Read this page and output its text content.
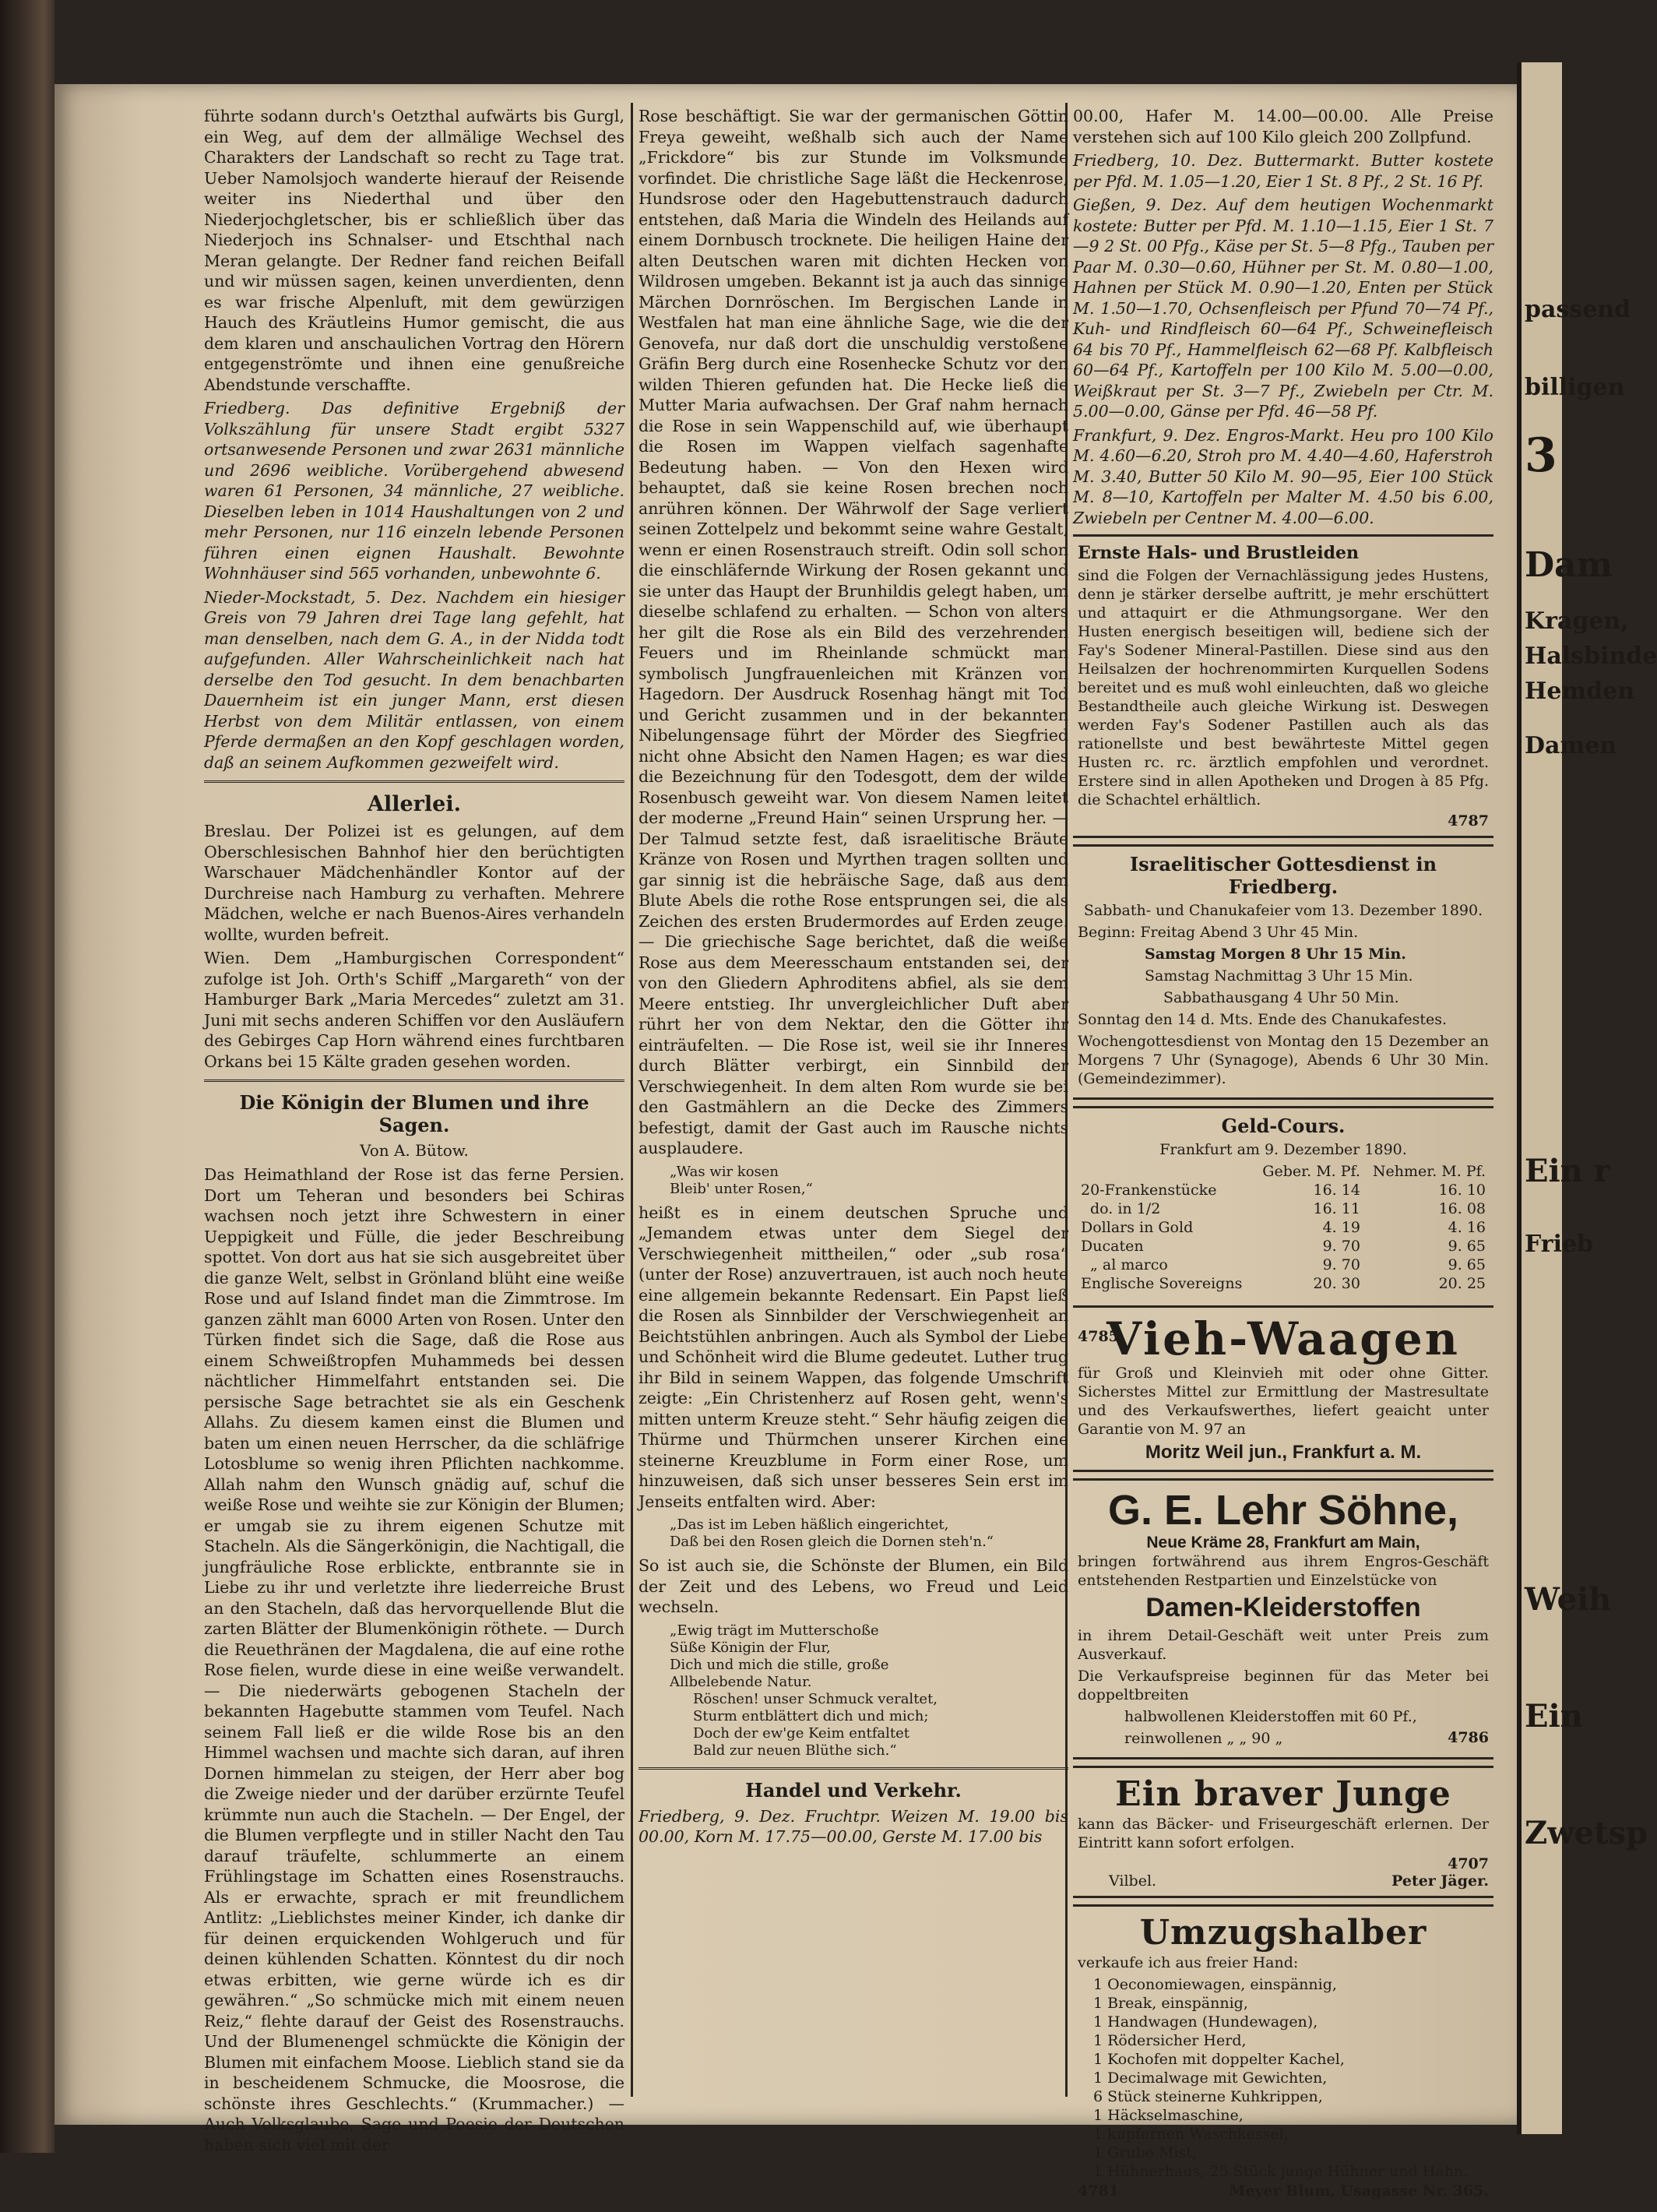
passend
billigen
3
Dam
Kragen,
Halsbinde
Hemden
Damen
Ein r
Frieb
Weih
Ein
Zwetsp

führte sodann durch's Oetzthal aufwärts bis Gurgl, ein Weg, auf dem der allmälige Wechsel des Charakters der Landschaft so recht zu Tage trat. Ueber Namolsjoch wanderte hierauf der Reisende weiter ins Niederthal und über den Niederjochgletscher, bis er schließlich über das Niederjoch ins Schnalser- und Etschthal nach Meran gelangte. Der Redner fand reichen Beifall und wir müssen sagen, keinen unverdienten, denn es war frische Alpenluft, mit dem gewürzigen Hauch des Kräutleins Humor gemischt, die aus dem klaren und anschaulichen Vortrag den Hörern entgegenströmte und ihnen eine genußreiche Abendstunde verschaffte.

Friedberg. Das definitive Ergebniß der Volkszählung für unsere Stadt ergibt 5327 ortsanwesende Personen und zwar 2631 männliche und 2696 weibliche. Vorübergehend abwesend waren 61 Personen, 34 männliche, 27 weibliche. Dieselben leben in 1014 Haushaltungen von 2 und mehr Personen, nur 116 einzeln lebende Personen führen einen eignen Haushalt. Bewohnte Wohnhäuser sind 565 vorhanden, unbewohnte 6.

Nieder-Mockstadt, 5. Dez. Nachdem ein hiesiger Greis von 79 Jahren drei Tage lang gefehlt, hat man denselben, nach dem G. A., in der Nidda todt aufgefunden. Aller Wahrscheinlichkeit nach hat derselbe den Tod gesucht. In dem benachbarten Dauernheim ist ein junger Mann, erst diesen Herbst von dem Militär entlassen, von einem Pferde dermaßen an den Kopf geschlagen worden, daß an seinem Aufkommen gezweifelt wird.

Allerlei.

Breslau. Der Polizei ist es gelungen, auf dem Oberschlesischen Bahnhof hier den berüchtigten Warschauer Mädchenhändler Kontor auf der Durchreise nach Hamburg zu verhaften. Mehrere Mädchen, welche er nach Buenos-Aires verhandeln wollte, wurden befreit.

Wien. Dem „Hamburgischen Correspondent“ zufolge ist Joh. Orth's Schiff „Margareth“ von der Hamburger Bark „Maria Mercedes“ zuletzt am 31. Juni mit sechs anderen Schiffen vor den Ausläufern des Gebirges Cap Horn während eines furchtbaren Orkans bei 15 Kälte graden gesehen worden.

Die Königin der Blumen und ihre Sagen.
Von A. Bütow.

Das Heimathland der Rose ist das ferne Persien. Dort um Teheran und besonders bei Schiras wachsen noch jetzt ihre Schwestern in einer Ueppigkeit und Fülle, die jeder Beschreibung spottet. Von dort aus hat sie sich ausgebreitet über die ganze Welt, selbst in Grönland blüht eine weiße Rose und auf Island findet man die Zimmtrose. Im ganzen zählt man 6000 Arten von Rosen. Unter den Türken findet sich die Sage, daß die Rose aus einem Schweißtropfen Muhammeds bei dessen nächtlicher Himmelfahrt entstanden sei. Die persische Sage betrachtet sie als ein Geschenk Allahs. Zu diesem kamen einst die Blumen und baten um einen neuen Herrscher, da die schläfrige Lotosblume so wenig ihren Pflichten nachkomme. Allah nahm den Wunsch gnädig auf, schuf die weiße Rose und weihte sie zur Königin der Blumen; er umgab sie zu ihrem eigenen Schutze mit Stacheln. Als die Sängerkönigin, die Nachtigall, die jungfräuliche Rose erblickte, entbrannte sie in Liebe zu ihr und verletzte ihre liederreiche Brust an den Stacheln, daß das hervorquellende Blut die zarten Blätter der Blumenkönigin röthete. — Durch die Reuethränen der Magdalena, die auf eine rothe Rose fielen, wurde diese in eine weiße verwandelt. — Die niederwärts gebogenen Stacheln der bekannten Hagebutte stammen vom Teufel. Nach seinem Fall ließ er die wilde Rose bis an den Himmel wachsen und machte sich daran, auf ihren Dornen himmelan zu steigen, der Herr aber bog die Zweige nieder und der darüber erzürnte Teufel krümmte nun auch die Stacheln. — Der Engel, der die Blumen verpflegte und in stiller Nacht den Tau darauf träufelte, schlummerte an einem Frühlingstage im Schatten eines Rosenstrauchs. Als er erwachte, sprach er mit freundlichem Antlitz: „Lieblichstes meiner Kinder, ich danke dir für deinen erquickenden Wohlgeruch und für deinen kühlenden Schatten. Könntest du dir noch etwas erbitten, wie gerne würde ich es dir gewähren.“ „So schmücke mich mit einem neuen Reiz,“ flehte darauf der Geist des Rosenstrauchs. Und der Blumenengel schmückte die Königin der Blumen mit einfachem Moose. Lieblich stand sie da in bescheidenem Schmucke, die Moosrose, die schönste ihres Geschlechts.“ (Krummacher.) — Auch Volksglaube, Sage und Poesie der Deutschen haben sich viel mit der

Rose beschäftigt. Sie war der germanischen Göttin Freya geweiht, weßhalb sich auch der Name „Frickdore“ bis zur Stunde im Volksmunde vorfindet. Die christliche Sage läßt die Heckenrose, Hundsrose oder den Hagebuttenstrauch dadurch entstehen, daß Maria die Windeln des Heilands auf einem Dornbusch trocknete. Die heiligen Haine der alten Deutschen waren mit dichten Hecken von Wildrosen umgeben. Bekannt ist ja auch das sinnige Märchen Dornröschen. Im Bergischen Lande in Westfalen hat man eine ähnliche Sage, wie die der Genovefa, nur daß dort die unschuldig verstoßene Gräfin Berg durch eine Rosenhecke Schutz vor den wilden Thieren gefunden hat. Die Hecke ließ die Mutter Maria aufwachsen. Der Graf nahm hernach die Rose in sein Wappenschild auf, wie überhaupt die Rosen im Wappen vielfach sagenhafte Bedeutung haben. — Von den Hexen wird behauptet, daß sie keine Rosen brechen noch anrühren können. Der Währwolf der Sage verliert seinen Zottelpelz und bekommt seine wahre Gestalt, wenn er einen Rosenstrauch streift. Odin soll schon die einschläfernde Wirkung der Rosen gekannt und sie unter das Haupt der Brunhildis gelegt haben, um dieselbe schlafend zu erhalten. — Schon von alters her gilt die Rose als ein Bild des verzehrenden Feuers und im Rheinlande schmückt man symbolisch Jungfrauenleichen mit Kränzen von Hagedorn. Der Ausdruck Rosenhag hängt mit Tod und Gericht zusammen und in der bekannten Nibelungensage führt der Mörder des Siegfried nicht ohne Absicht den Namen Hagen; es war dies die Bezeichnung für den Todesgott, dem der wilde Rosenbusch geweiht war. Von diesem Namen leitet der moderne „Freund Hain“ seinen Ursprung her. — Der Talmud setzte fest, daß israelitische Bräute Kränze von Rosen und Myrthen tragen sollten und gar sinnig ist die hebräische Sage, daß aus dem Blute Abels die rothe Rose entsprungen sei, die als Zeichen des ersten Brudermordes auf Erden zeuge. — Die griechische Sage berichtet, daß die weiße Rose aus dem Meeresschaum entstanden sei, der von den Gliedern Aphroditens abfiel, als sie dem Meere entstieg. Ihr unvergleichlicher Duft aber rührt her von dem Nektar, den die Götter ihr einträufelten. — Die Rose ist, weil sie ihr Inneres durch Blätter verbirgt, ein Sinnbild der Verschwiegenheit. In dem alten Rom wurde sie bei den Gastmählern an die Decke des Zimmers befestigt, damit der Gast auch im Rausche nichts ausplaudere.

„Was wir kosen
Bleib' unter Rosen,“

heißt es in einem deutschen Spruche und „Jemandem etwas unter dem Siegel der Verschwiegenheit mittheilen,“ oder „sub rosa“ (unter der Rose) anzuvertrauen, ist auch noch heute eine allgemein bekannte Redensart. Ein Papst ließ die Rosen als Sinnbilder der Verschwiegenheit an Beichtstühlen anbringen. Auch als Symbol der Liebe und Schönheit wird die Blume gedeutet. Luther trug ihr Bild in seinem Wappen, das folgende Umschrift zeigte: „Ein Christenherz auf Rosen geht, wenn's mitten unterm Kreuze steht.“ Sehr häufig zeigen die Thürme und Thürmchen unserer Kirchen eine steinerne Kreuzblume in Form einer Rose, um hinzuweisen, daß sich unser besseres Sein erst im Jenseits entfalten wird. Aber:

„Das ist im Leben häßlich eingerichtet,
Daß bei den Rosen gleich die Dornen steh'n.“

So ist auch sie, die Schönste der Blumen, ein Bild der Zeit und des Lebens, wo Freud und Leid wechseln.

„Ewig trägt im Mutterschoße
Süße Königin der Flur,
Dich und mich die stille, große
Allbelebende Natur.
Röschen! unser Schmuck veraltet,
Sturm entblättert dich und mich;
Doch der ew'ge Keim entfaltet
Bald zur neuen Blüthe sich.“
Handel und Verkehr.

Friedberg, 9. Dez. Fruchtpr. Weizen M. 19.00 bis 00.00, Korn M. 17.75—00.00, Gerste M. 17.00 bis

00.00, Hafer M. 14.00—00.00. Alle Preise verstehen sich auf 100 Kilo gleich 200 Zollpfund.

Friedberg, 10. Dez. Buttermarkt. Butter kostete per Pfd. M. 1.05—1.20, Eier 1 St. 8 Pf., 2 St. 16 Pf.

Gießen, 9. Dez. Auf dem heutigen Wochenmarkt kostete: Butter per Pfd. M. 1.10—1.15, Eier 1 St. 7—9 2 St. 00 Pfg., Käse per St. 5—8 Pfg., Tauben per Paar M. 0.30—0.60, Hühner per St. M. 0.80—1.00, Hahnen per Stück M. 0.90—1.20, Enten per Stück M. 1.50—1.70, Ochsenfleisch per Pfund 70—74 Pf., Kuh- und Rindfleisch 60—64 Pf., Schweinefleisch 64 bis 70 Pf., Hammelfleisch 62—68 Pf. Kalbfleisch 60—64 Pf., Kartoffeln per 100 Kilo M. 5.00—0.00, Weißkraut per St. 3—7 Pf., Zwiebeln per Ctr. M. 5.00—0.00, Gänse per Pfd. 46—58 Pf.

Frankfurt, 9. Dez. Engros-Markt. Heu pro 100 Kilo M. 4.60—6.20, Stroh pro M. 4.40—4.60, Haferstroh M. 3.40, Butter 50 Kilo M. 90—95, Eier 100 Stück M. 8—10, Kartoffeln per Malter M. 4.50 bis 6.00, Zwiebeln per Centner M. 4.00—6.00.

Ernste Hals- und Brustleiden

sind die Folgen der Vernachlässigung jedes Hustens, denn je stärker derselbe auftritt, je mehr erschüttert und attaquirt er die Athmungsorgane. Wer den Husten energisch beseitigen will, bediene sich der Fay's Sodener Mineral-Pastillen. Diese sind aus den Heilsalzen der hochrenommirten Kurquellen Sodens bereitet und es muß wohl einleuchten, daß wo gleiche Bestandtheile auch gleiche Wirkung ist. Deswegen werden Fay's Sodener Pastillen auch als das rationellste und best bewährteste Mittel gegen Husten rc. rc. ärztlich empfohlen und verordnet. Erstere sind in allen Apotheken und Drogen à 85 Pfg. die Schachtel erhältlich.

4787
Israelitischer Gottesdienst in Friedberg.

Sabbath- und Chanukafeier vom 13. Dezember 1890.

Beginn: Freitag Abend 3 Uhr 45 Min.

Samstag Morgen 8 Uhr 15 Min.

Samstag Nachmittag 3 Uhr 15 Min.

Sabbathausgang 4 Uhr 50 Min.

Sonntag den 14 d. Mts. Ende des Chanukafestes.

Wochengottesdienst von Montag den 15 Dezember an Morgens 7 Uhr (Synagoge), Abends 6 Uhr 30 Min. (Gemeindezimmer).

Geld-Cours.

Frankfurt am 9. Dezember 1890.

	Geber. M. Pf.	Nehmer. M. Pf.
20-Frankenstücke	16. 14	16. 10
do. in 1/2	16. 11	16. 08
Dollars in Gold	4. 19	4. 16
Ducaten	9. 70	9. 65
„ al marco	9. 70	9. 65
Englische Sovereigns	20. 30	20. 25
4785
Vieh-Waagen

für Groß und Kleinvieh mit oder ohne Gitter. Sicherstes Mittel zur Ermittlung der Mastresultate und des Verkaufswerthes, liefert geaicht unter Garantie von M. 97 an

Moritz Weil jun., Frankfurt a. M.
G. E. Lehr Söhne,
Neue Kräme 28, Frankfurt am Main,

bringen fortwährend aus ihrem Engros-Geschäft entstehenden Restpartien und Einzelstücke von

Damen-Kleiderstoffen

in ihrem Detail-Geschäft weit unter Preis zum Ausverkauf.

Die Verkaufspreise beginnen für das Meter bei doppeltbreiten

halbwollenen Kleiderstoffen mit 60 Pf.,

reinwollenen „ „ 90 „	4786
Ein braver Junge

kann das Bäcker- und Friseurgeschäft erlernen. Der Eintritt kann sofort erfolgen.

4707
Vilbel.	Peter Jäger.
Umzugshalber

verkaufe ich aus freier Hand:

1 Oeconomiewagen, einspännig,
1 Break, einspännig,
1 Handwagen (Hundewagen),
1 Rödersicher Herd,
1 Kochofen mit doppelter Kachel,
1 Decimalwage mit Gewichten,
6 Stück steinerne Kuhkrippen,
1 Häckselmaschine,
1 kupfernen Waschkessel,
1 Grube Mist,
1 Hühnerhaus, 25 Stück junge Hühner und Hahn.
4781	Meyer Blum, Usagasse Nr. 365.
